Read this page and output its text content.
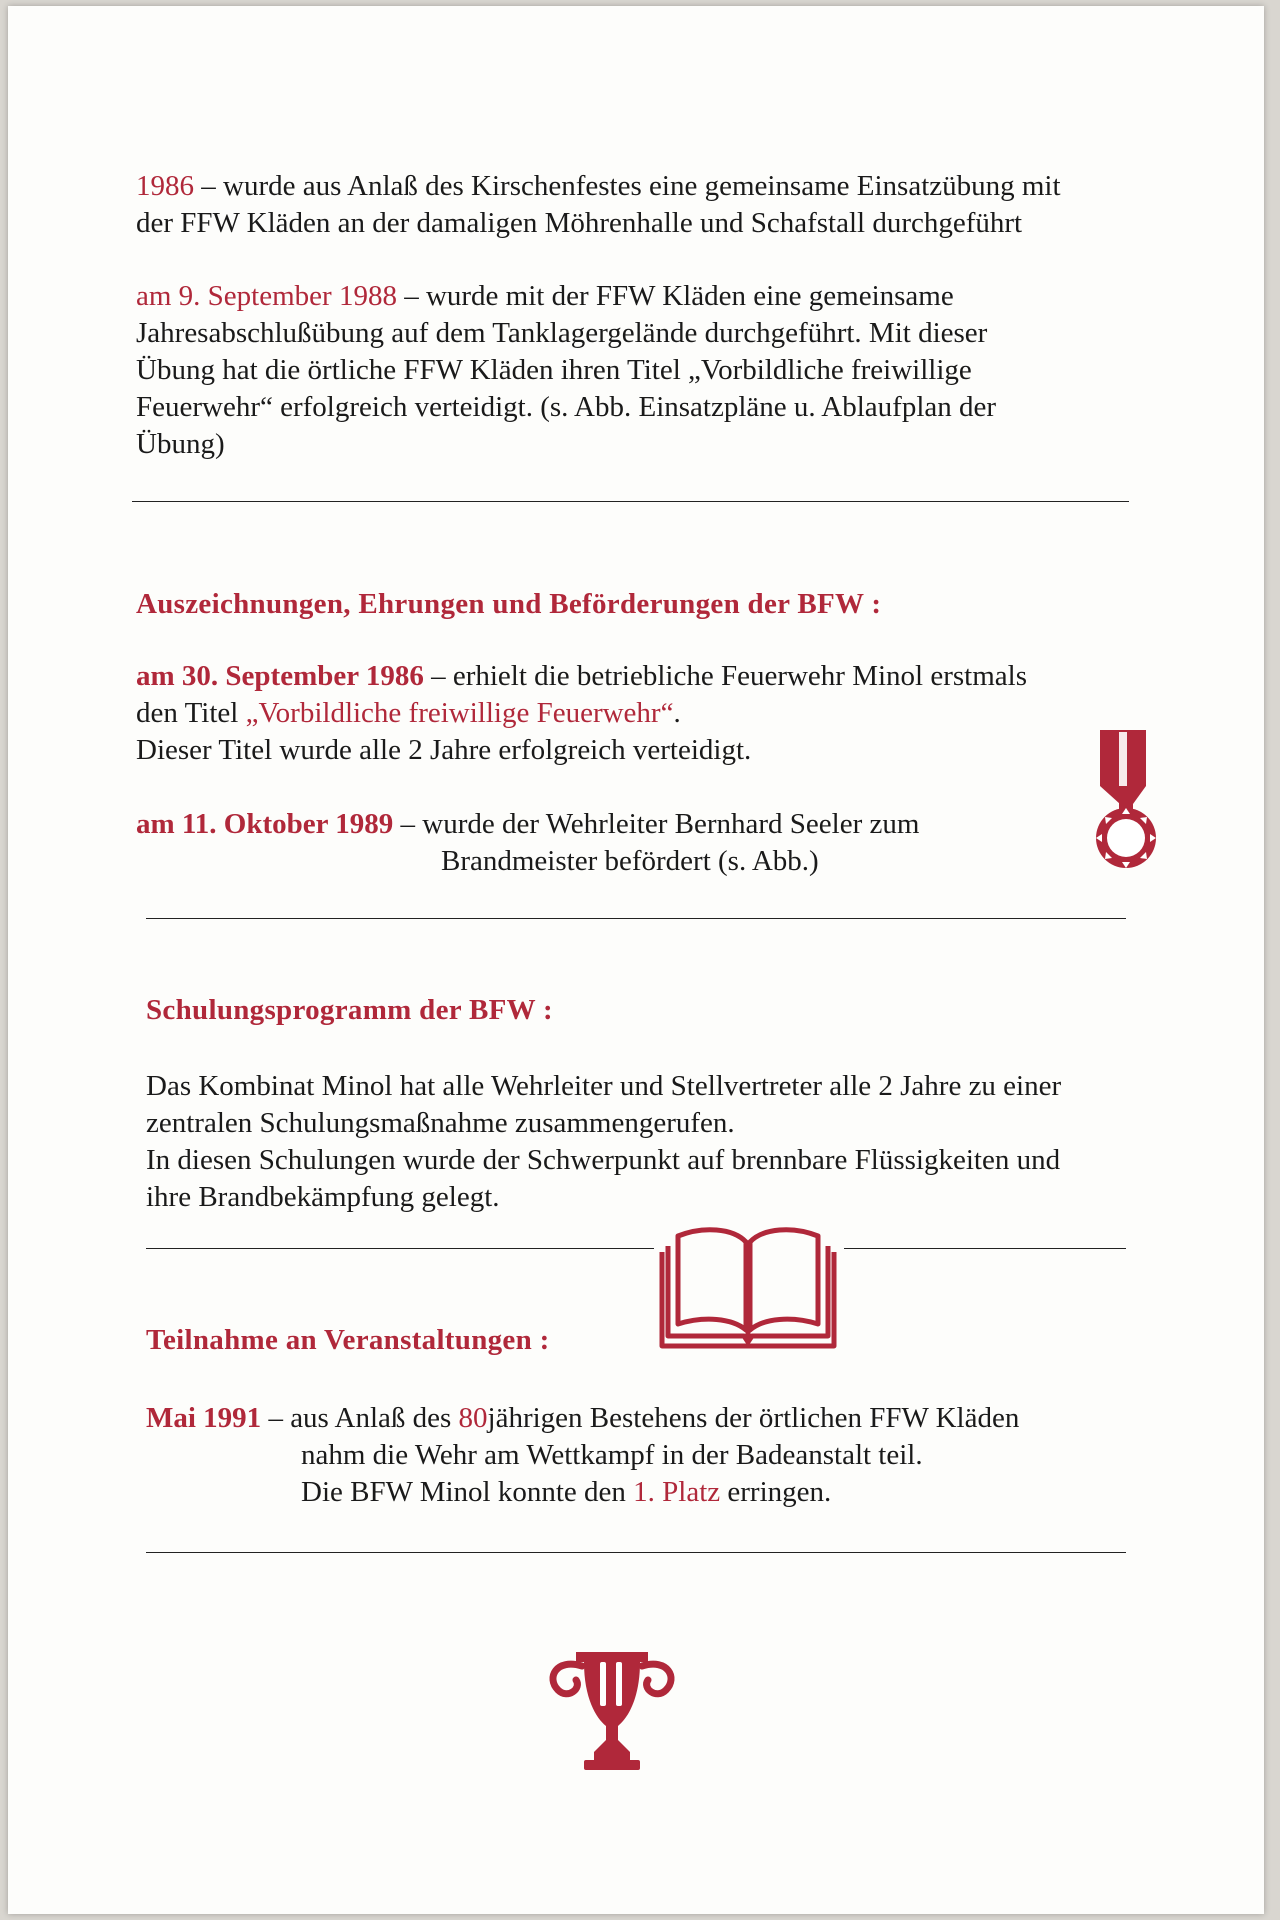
1986 – wurde aus Anlaß des Kirschenfestes eine gemeinsame Einsatzübung mit
der FFW Kläden an der damaligen Möhrenhalle und Schafstall durchgeführt
am 9. September 1988 – wurde mit der FFW Kläden eine gemeinsame
Jahresabschlußübung auf dem Tanklagergelände durchgeführt. Mit dieser
Übung hat die örtliche FFW Kläden ihren Titel „Vorbildliche freiwillige
Feuerwehr“ erfolgreich verteidigt. (s. Abb. Einsatzpläne u. Ablaufplan der
Übung)
Auszeichnungen, Ehrungen und Beförderungen der BFW :
am 30. September 1986 – erhielt die betriebliche Feuerwehr Minol erstmals
den Titel „Vorbildliche freiwillige Feuerwehr“.
Dieser Titel wurde alle 2 Jahre erfolgreich verteidigt.
am 11. Oktober 1989 – wurde der Wehrleiter Bernhard Seeler zum

Brandmeister befördert (s. Abb.)
Schulungsprogramm der BFW :
Das Kombinat Minol hat alle Wehrleiter und Stellvertreter alle 2 Jahre zu einer
zentralen Schulungsmaßnahme zusammengerufen.
In diesen Schulungen wurde der Schwerpunkt auf brennbare Flüssigkeiten und
ihre Brandbekämpfung gelegt.
Teilnahme an Veranstaltungen :
Mai 1991 – aus Anlaß des 80jährigen Bestehens der örtlichen FFW Kläden

nahm die Wehr am Wettkampf in der Badeanstalt teil.
Die BFW Minol konnte den 1. Platz erringen.
